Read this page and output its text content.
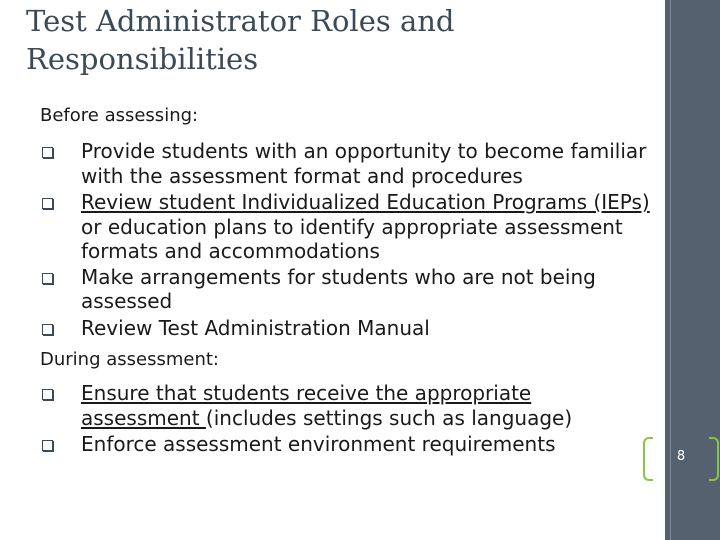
Test Administrator Roles and Responsibilities
8
Before assessing:
Provide students with an opportunity to become familiar with the assessment format and procedures
Review student Individualized Education Programs (IEPs) or education plans to identify appropriate assessment formats and accommodations
Make arrangements for students who are not being assessed
Review Test Administration Manual
During assessment:
Ensure that students receive the appropriate assessment (includes settings such as language)
Enforce assessment environment requirements
